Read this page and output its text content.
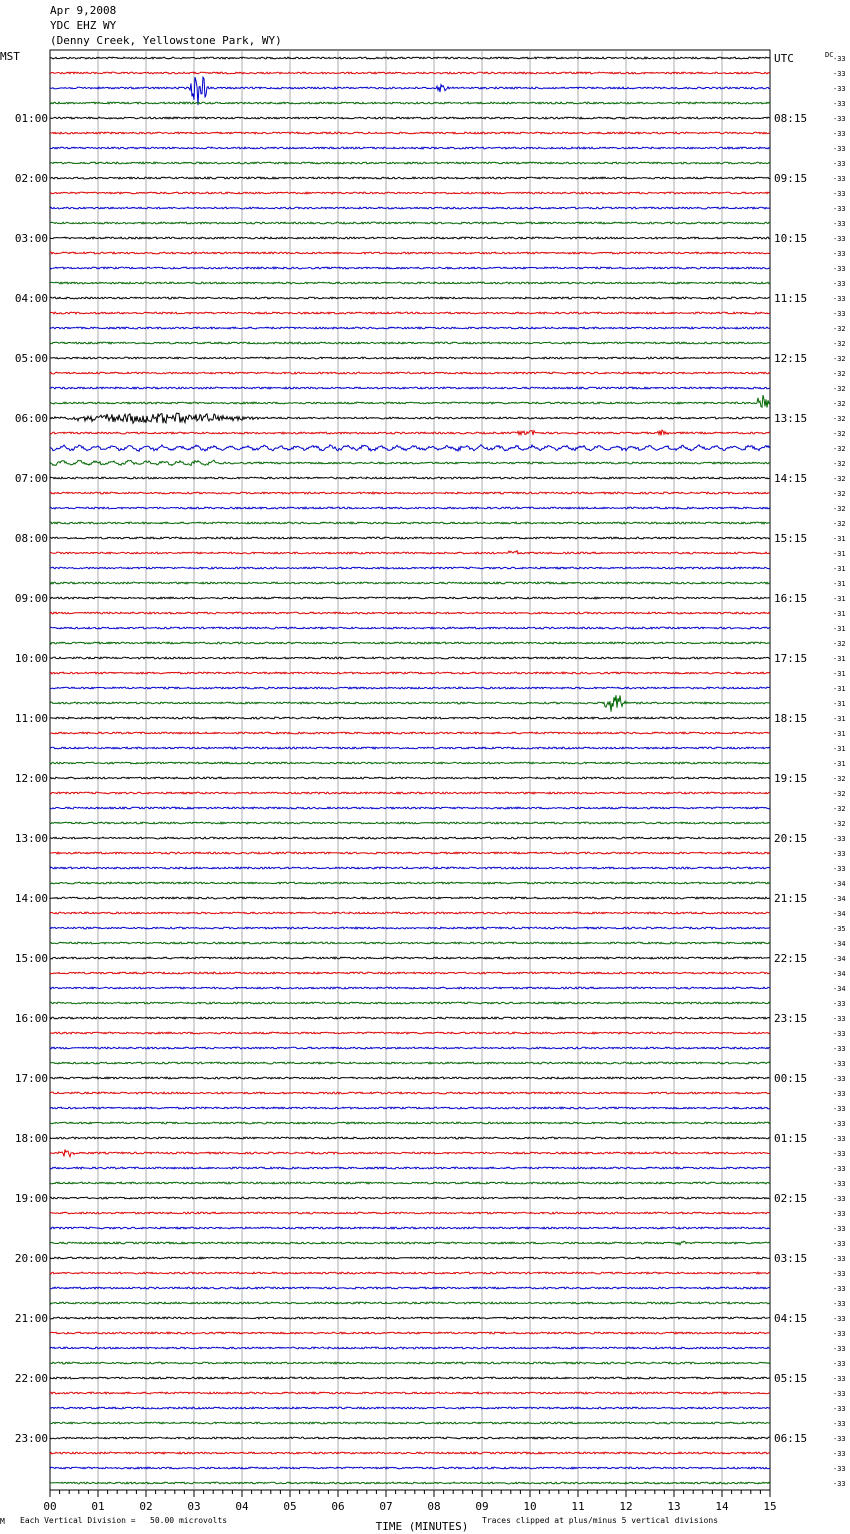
Apr 9,2008
YDC EHZ WY
(Denny Creek, Yellowstone Park, WY)
-33
-33
-33
-33
-33
-33
-33
-33
-33
-33
-33
-33
-33
-33
-33
-33
-33
-33
-32
-32
-32
-32
-32
-32
-32
-32
-32
-32
-32
-32
-32
-32
-31
-31
-31
-31
-31
-31
-31
-32
-31
-31
-31
-31
-31
-31
-31
-31
-32
-32
-32
-32
-33
-33
-33
-34
-34
-34
-35
-34
-34
-34
-34
-33
-33
-33
-33
-33
-33
-33
-33
-33
-33
-33
-33
-33
-33
-33
-33
-33
-33
-33
-33
-33
-33
-33
-33
-33
-33
-33
-33
-33
-33
-33
-33
-33
MST
01:00
02:00
03:00
04:00
05:00
06:00
07:00
08:00
09:00
10:00
11:00
12:00
13:00
14:00
15:00
16:00
17:00
18:00
19:00
20:00
21:00
22:00
23:00
UTC
08:15
09:15
10:15
11:15
12:15
13:15
14:15
15:15
16:15
17:15
18:15
19:15
20:15
21:15
22:15
23:15
00:15
01:15
02:15
03:15
04:15
05:15
06:15
DC
00	01	02	03	04	05	06	07	08	09	10	11	12	13	14	15
TIME (MINUTES)
M Each Vertical Division =   50.00 microvolts	Traces clipped at plus/minus 5 vertical divisions
